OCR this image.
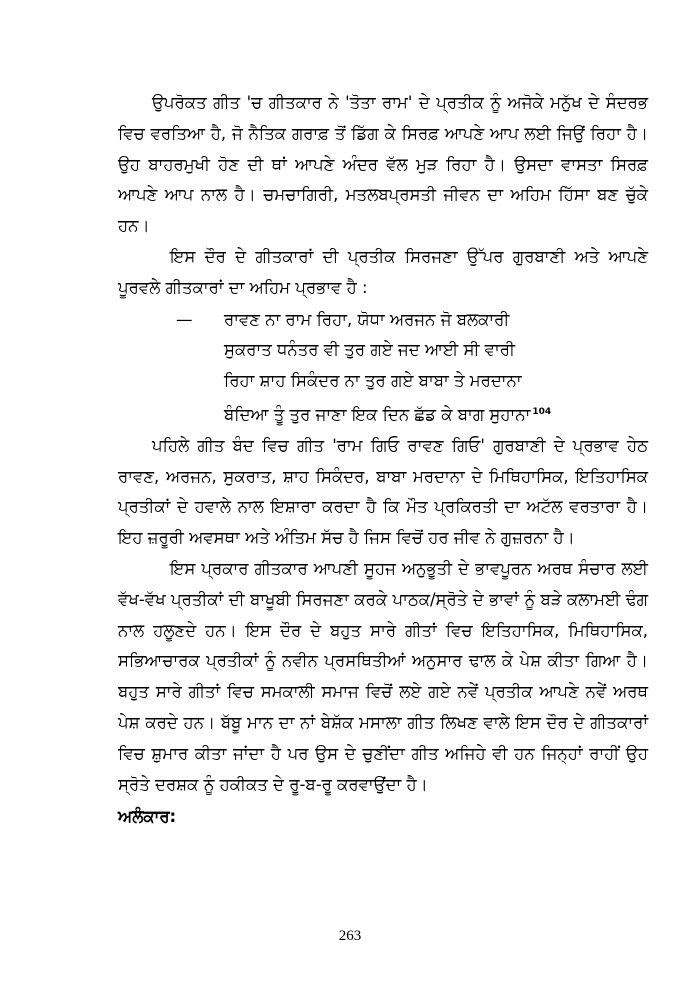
ਉਪਰੋਕਤ ਗੀਤ 'ਚ ਗੀਤਕਾਰ ਨੇ 'ਤੋਤਾ ਰਾਮ' ਦੇ ਪ੍ਰਤੀਕ ਨੂੰ ਅਜੋਕੇ ਮਨੁੱਖ ਦੇ ਸੰਦਰਭ ਵਿਚ ਵਰਤਿਆ ਹੈ, ਜੋ ਨੈਤਿਕ ਗਰਾਫ਼ ਤੋਂ ਡਿੱਗ ਕੇ ਸਿਰਫ਼ ਆਪਣੇ ਆਪ ਲਈ ਜਿਉਂ ਰਿਹਾ ਹੈ। ਉਹ ਬਾਹਰਮੁਖੀ ਹੋਣ ਦੀ ਥਾਂ ਆਪਣੇ ਅੰਦਰ ਵੱਲ ਮੁੜ ਰਿਹਾ ਹੈ। ਉਸਦਾ ਵਾਸਤਾ ਸਿਰਫ਼ ਆਪਣੇ ਆਪ ਨਾਲ ਹੈ। ਚਮਚਾਗਿਰੀ, ਮਤਲਬਪ੍ਰਸਤੀ ਜੀਵਨ ਦਾ ਅਹਿਮ ਹਿੱਸਾ ਬਣ ਚੁੱਕੇ ਹਨ।

ਇਸ ਦੌਰ ਦੇ ਗੀਤਕਾਰਾਂ ਦੀ ਪ੍ਰਤੀਕ ਸਿਰਜਣਾ ਉੱਪਰ ਗੁਰਬਾਣੀ ਅਤੇ ਆਪਣੇ ਪੂਰਵਲੇ ਗੀਤਕਾਰਾਂ ਦਾ ਅਹਿਮ ਪ੍ਰਭਾਵ ਹੈ :

— ਰਾਵਣ ਨਾ ਰਾਮ ਰਿਹਾ, ਯੋਧਾ ਅਰਜਨ ਜੋ ਬਲਕਾਰੀ

ਸੁਕਰਾਤ ਧਨੰਤਰ ਵੀ ਤੁਰ ਗਏ ਜਦ ਆਈ ਸੀ ਵਾਰੀ

ਰਿਹਾ ਸ਼ਾਹ ਸਿਕੰਦਰ ਨਾ ਤੁਰ ਗਏ ਬਾਬਾ ਤੇ ਮਰਦਾਨਾ

ਬੰਦਿਆ ਤੂੰ ਤੁਰ ਜਾਣਾ ਇਕ ਦਿਨ ਛੱਡ ਕੇ ਬਾਗ ਸੁਹਾਨਾ $^{104}$

ਪਹਿਲੇ ਗੀਤ ਬੰਦ ਵਿਚ ਗੀਤ 'ਰਾਮ ਗਿਓ ਰਾਵਣ ਗਿਓ' ਗੁਰਬਾਣੀ ਦੇ ਪ੍ਰਭਾਵ ਹੇਠ ਰਾਵਣ, ਅਰਜਨ, ਸੁਕਰਾਤ, ਸ਼ਾਹ ਸਿਕੰਦਰ, ਬਾਬਾ ਮਰਦਾਨਾ ਦੇ ਮਿਥਿਹਾਸਿਕ, ਇਤਿਹਾਸਿਕ ਪ੍ਰਤੀਕਾਂ ਦੇ ਹਵਾਲੇ ਨਾਲ ਇਸ਼ਾਰਾ ਕਰਦਾ ਹੈ ਕਿ ਮੌਤ ਪ੍ਰਕਿਰਤੀ ਦਾ ਅਟੱਲ ਵਰਤਾਰਾ ਹੈ। ਇਹ ਜ਼ਰੂਰੀ ਅਵਸਥਾ ਅਤੇ ਅੰਤਿਮ ਸੱਚ ਹੈ ਜਿਸ ਵਿਚੋਂ ਹਰ ਜੀਵ ਨੇ ਗੁਜ਼ਰਨਾ ਹੈ।

ਇਸ ਪ੍ਰਕਾਰ ਗੀਤਕਾਰ ਆਪਣੀ ਸੂਹਜ ਅਨੁਭੂਤੀ ਦੇ ਭਾਵਪੂਰਨ ਅਰਥ ਸੰਚਾਰ ਲਈ ਵੱਖ-ਵੱਖ ਪ੍ਰਤੀਕਾਂ ਦੀ ਬਾਖੂਬੀ ਸਿਰਜਣਾ ਕਰਕੇ ਪਾਠਕ/ਸ੍ਰੋਤੇ ਦੇ ਭਾਵਾਂ ਨੂੰ ਬੜੇ ਕਲਾਮਈ ਢੰਗ ਨਾਲ ਹਲੂਣਦੇ ਹਨ। ਇਸ ਦੌਰ ਦੇ ਬਹੁਤ ਸਾਰੇ ਗੀਤਾਂ ਵਿਚ ਇਤਿਹਾਸਿਕ, ਮਿਥਿਹਾਸਿਕ, ਸਭਿਆਚਾਰਕ ਪ੍ਰਤੀਕਾਂ ਨੂੰ ਨਵੀਨ ਪ੍ਰਸਥਿਤੀਆਂ ਅਨੁਸਾਰ ਢਾਲ ਕੇ ਪੇਸ਼ ਕੀਤਾ ਗਿਆ ਹੈ। ਬਹੁਤ ਸਾਰੇ ਗੀਤਾਂ ਵਿਚ ਸਮਕਾਲੀ ਸਮਾਜ ਵਿਚੋਂ ਲਏ ਗਏ ਨਵੇਂ ਪ੍ਰਤੀਕ ਆਪਣੇ ਨਵੇਂ ਅਰਥ ਪੇਸ਼ ਕਰਦੇ ਹਨ। ਬੱਬੂ ਮਾਨ ਦਾ ਨਾਂ ਬੇਸ਼ੱਕ ਮਸਾਲਾ ਗੀਤ ਲਿਖਣ ਵਾਲੇ ਇਸ ਦੌਰ ਦੇ ਗੀਤਕਾਰਾਂ ਵਿਚ ਸ਼ੁਮਾਰ ਕੀਤਾ ਜਾਂਦਾ ਹੈ ਪਰ ਉਸ ਦੇ ਚੁਣੀਂਦਾ ਗੀਤ ਅਜਿਹੇ ਵੀ ਹਨ ਜਿਨ੍ਹਾਂ ਰਾਹੀਂ ਉਹ ਸ੍ਰੋਤੇ ਦਰਸ਼ਕ ਨੂੰ ਹਕੀਕਤ ਦੇ ਰੂ-ਬ-ਰੂ ਕਰਵਾਉਂਦਾ ਹੈ।

ਅਲੰਕਾਰ:

263
